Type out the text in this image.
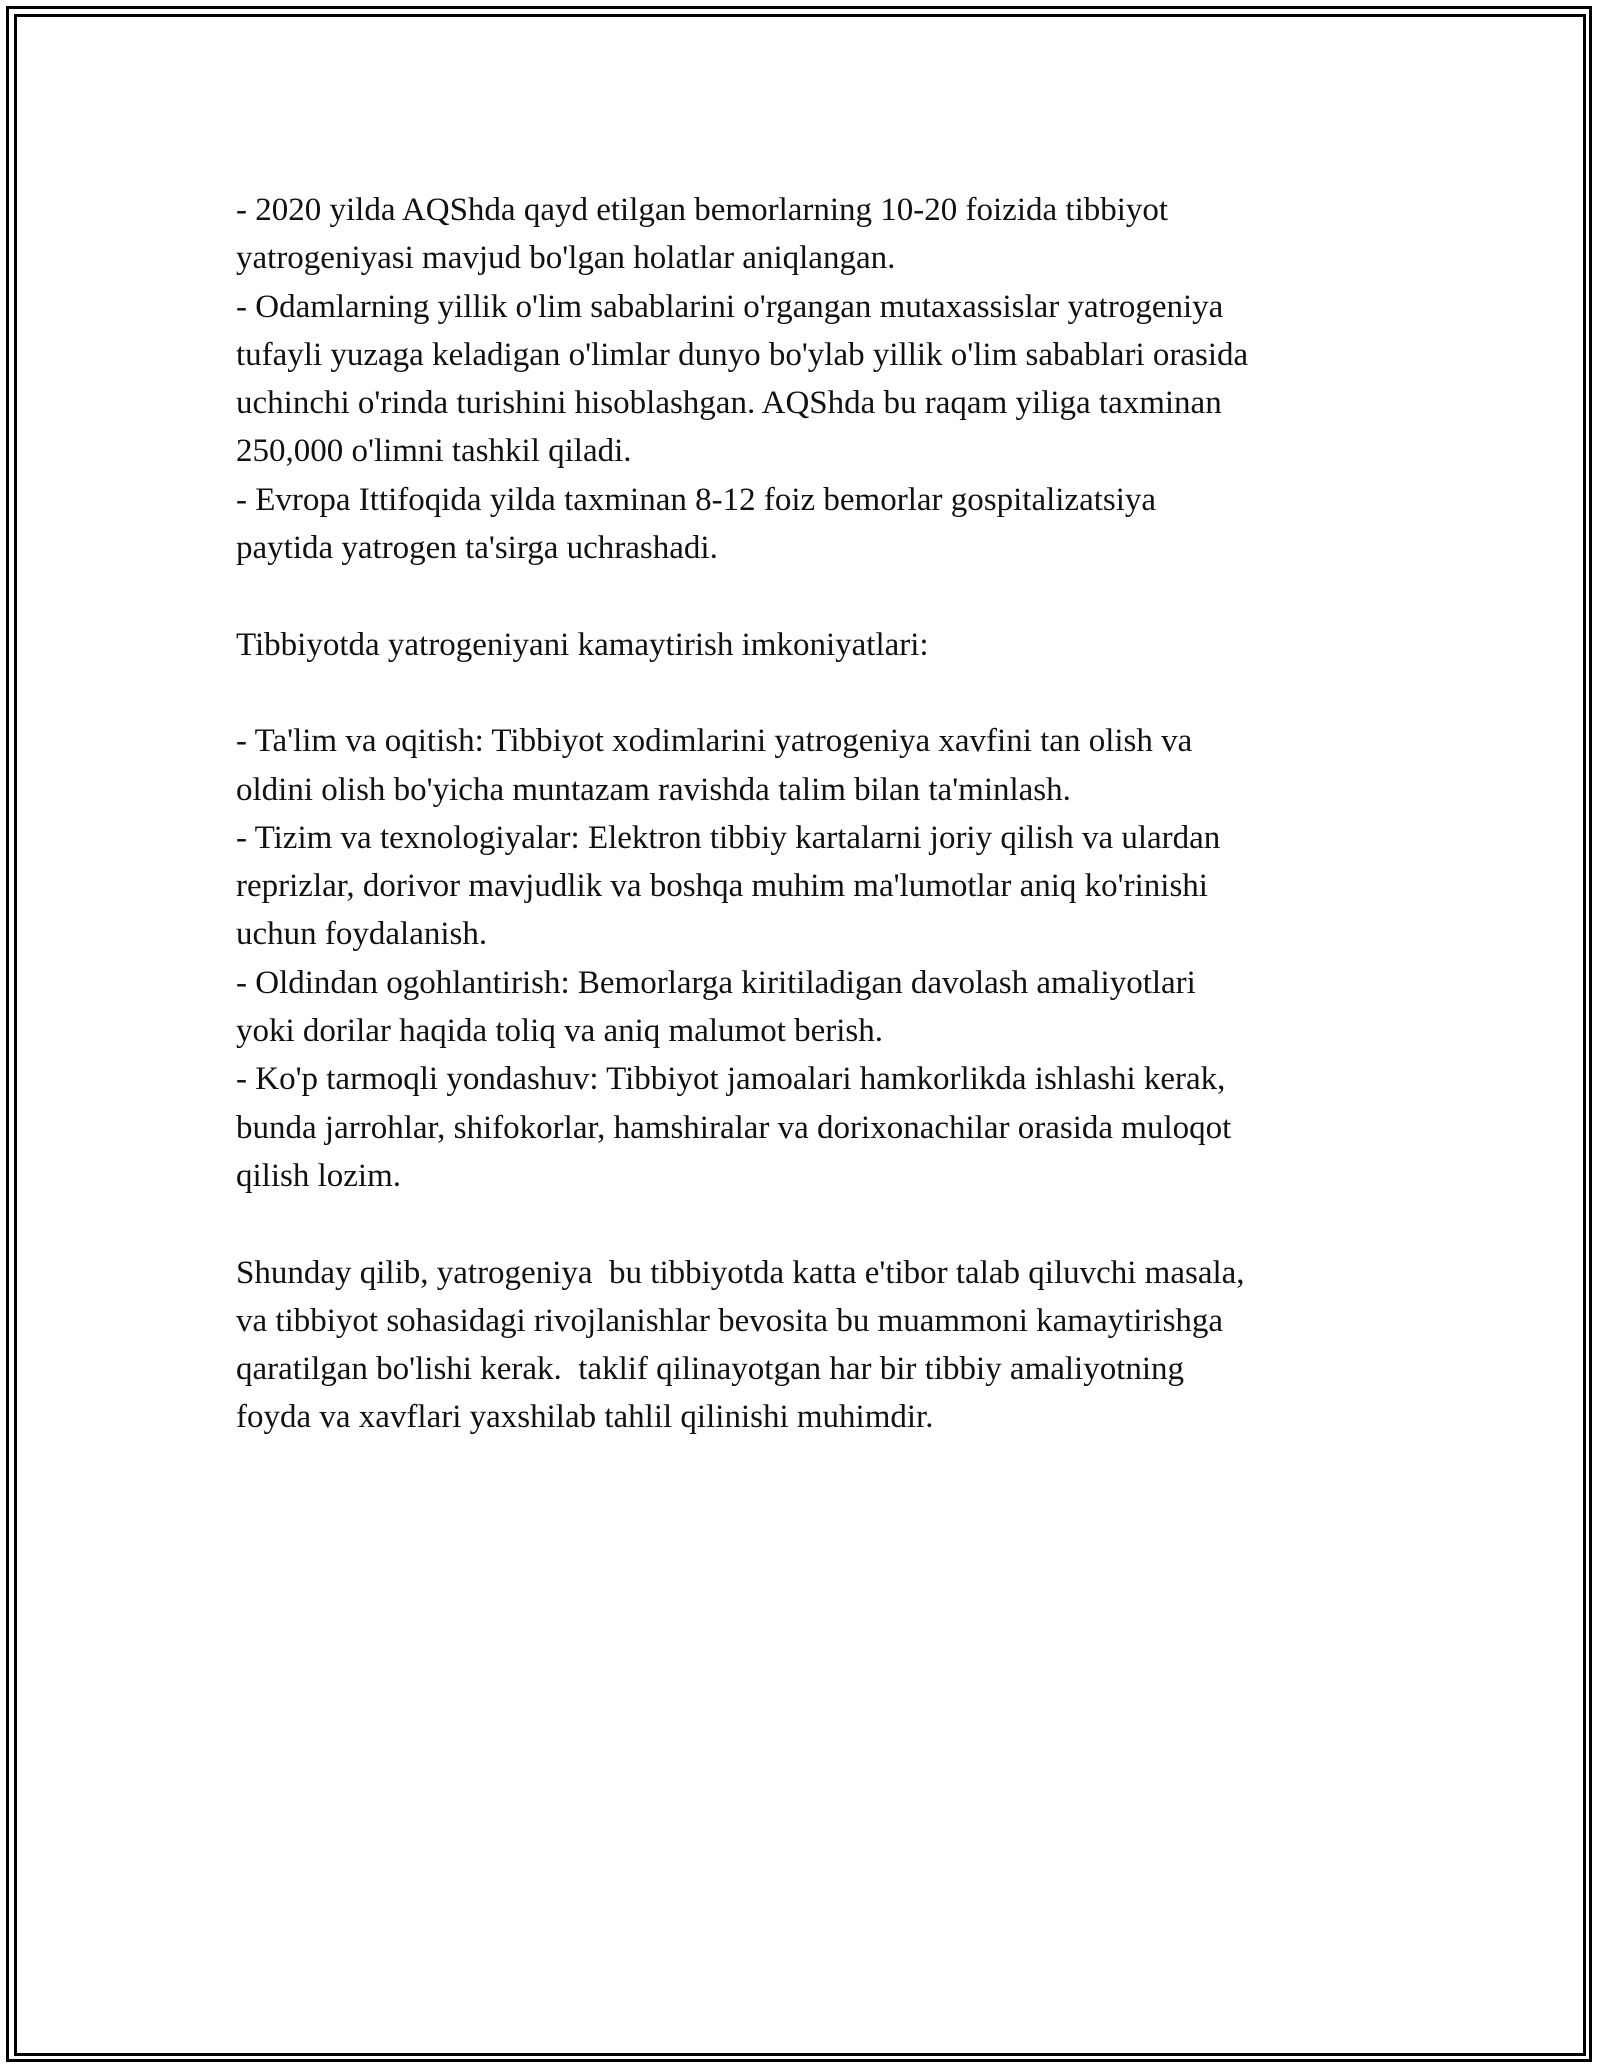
- 2020 yilda AQShda qayd etilgan bemorlarning 10-20 foizida tibbiyot
yatrogeniyasi mavjud bo'lgan holatlar aniqlangan.
- Odamlarning yillik o'lim sabablarini o'rgangan mutaxassislar yatrogeniya
tufayli yuzaga keladigan o'limlar dunyo bo'ylab yillik o'lim sabablari orasida
uchinchi o'rinda turishini hisoblashgan. AQShda bu raqam yiliga taxminan
250,000 o'limni tashkil qiladi.
- Evropa Ittifoqida yilda taxminan 8-12 foiz bemorlar gospitalizatsiya
paytida yatrogen ta'sirga uchrashadi.
Tibbiyotda yatrogeniyani kamaytirish imkoniyatlari:
- Ta'lim va oqitish: Tibbiyot xodimlarini yatrogeniya xavfini tan olish va
oldini olish bo'yicha muntazam ravishda talim bilan ta'minlash.
- Tizim va texnologiyalar: Elektron tibbiy kartalarni joriy qilish va ulardan
reprizlar, dorivor mavjudlik va boshqa muhim ma'lumotlar aniq ko'rinishi
uchun foydalanish.
- Oldindan ogohlantirish: Bemorlarga kiritiladigan davolash amaliyotlari
yoki dorilar haqida toliq va aniq malumot berish.
- Ko'p tarmoqli yondashuv: Tibbiyot jamoalari hamkorlikda ishlashi kerak,
bunda jarrohlar, shifokorlar, hamshiralar va dorixonachilar orasida muloqot
qilish lozim.
Shunday qilib, yatrogeniya  bu tibbiyotda katta e'tibor talab qiluvchi masala,
va tibbiyot sohasidagi rivojlanishlar bevosita bu muammoni kamaytirishga
qaratilgan bo'lishi kerak.  taklif qilinayotgan har bir tibbiy amaliyotning
foyda va xavflari yaxshilab tahlil qilinishi muhimdir.
